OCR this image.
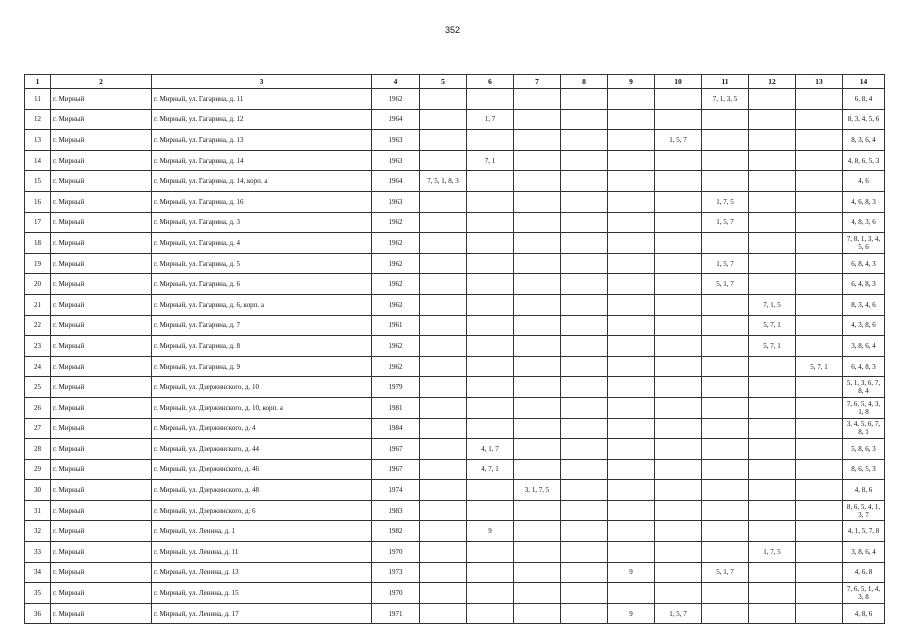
352
1	2	3	4	5	6	7	8	9	10	11	12	13	14
11	г. Мирный	г. Мирный, ул. Гагарина, д. 11	1962							7, 1, 3, 5			6, 8, 4
12	г. Мирный	г. Мирный, ул. Гагарина, д. 12	1964		1, 7								8, 3, 4, 5, 6
13	г. Мирный	г. Мирный, ул. Гагарина, д. 13	1963						1, 5, 7				8, 3, 6, 4
14	г. Мирный	г. Мирный, ул. Гагарина, д. 14	1963		7, 1								4, 8, 6, 5, 3
15	г. Мирный	г. Мирный, ул. Гагарина, д. 14, корп. а	1964	7, 5, 1, 8, 3									4, 6
16	г. Мирный	г. Мирный, ул. Гагарина, д. 16	1963							1, 7, 5			4, 6, 8, 3
17	г. Мирный	г. Мирный, ул. Гагарина, д. 3	1962							1, 5, 7			4, 8, 3, 6
18	г. Мирный	г. Мирный, ул. Гагарина, д. 4	1962										7, 8, 1, 3, 4, 5, 6
19	г. Мирный	г. Мирный, ул. Гагарина, д. 5	1962							1, 5, 7			6, 8, 4, 3
20	г. Мирный	г. Мирный, ул. Гагарина, д. 6	1962							5, 1, 7			6, 4, 8, 3
21	г. Мирный	г. Мирный, ул. Гагарина, д. 6, корп. а	1962								7, 1, 5		8, 3, 4, 6
22	г. Мирный	г. Мирный, ул. Гагарина, д. 7	1961								5, 7, 1		4, 3, 8, 6
23	г. Мирный	г. Мирный, ул. Гагарина, д. 8	1962								5, 7, 1		3, 8, 6, 4
24	г. Мирный	г. Мирный, ул. Гагарина, д. 9	1962									5, 7, 1	6, 4, 8, 3
25	г. Мирный	г. Мирный, ул. Дзержинского, д. 10	1979										5, 1, 3, 6, 7, 8, 4
26	г. Мирный	г. Мирный, ул. Дзержинского, д. 10, корп. а	1981										7, 6, 5, 4, 3, 1, 8
27	г. Мирный	г. Мирный, ул. Дзержинского, д. 4	1984										3, 4, 5, 6, 7, 8, 1
28	г. Мирный	г. Мирный, ул. Дзержинского, д. 44	1967		4, 1, 7								5, 8, 6, 3
29	г. Мирный	г. Мирный, ул. Дзержинского, д. 46	1967		4, 7, 1								8, 6, 5, 3
30	г. Мирный	г. Мирный, ул. Дзержинского, д. 48	1974			3, 1, 7, 5							4, 8, 6
31	г. Мирный	г. Мирный, ул. Дзержинского, д. 6	1983										8, 6, 5, 4, 1, 3, 7
32	г. Мирный	г. Мирный, ул. Ленина, д. 1	1982		9								4, 1, 5, 7, 8
33	г. Мирный	г. Мирный, ул. Ленина, д. 11	1970								1, 7, 5		3, 8, 6, 4
34	г. Мирный	г. Мирный, ул. Ленина, д. 13	1973					9		5, 1, 7			4, 6, 8
35	г. Мирный	г. Мирный, ул. Ленина, д. 15	1970										7, 6, 5, 1, 4, 3, 8
36	г. Мирный	г. Мирный, ул. Ленина, д. 17	1971					9	1, 5, 7				4, 8, 6
